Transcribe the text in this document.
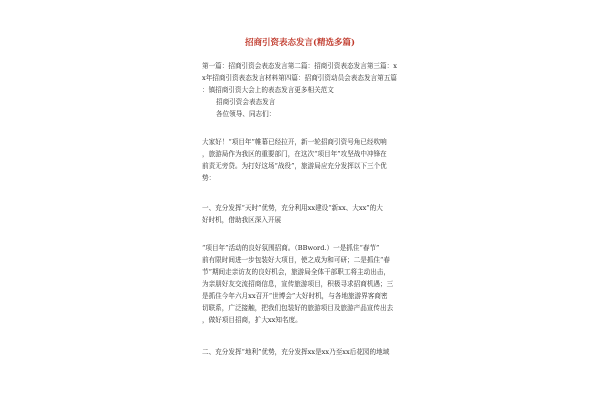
招商引资表态发言(精选多篇)
第一篇：招商引资会表态发言第二篇：招商引资表态发言第三篇：x
x年招商引资表态发言材料第四篇：招商引资动员会表态发言第五篇
：镇招商引资大会上的表态发言更多相关范文
招商引资会表态发言
各位领导、同志们：
大家好！“项目年”帷幕已经拉开，新一轮招商引资号角已经吹响
，旅游局作为我区的重要部门，在这次“项目年”攻坚战中冲锋在
前责无旁贷。为打好这场“战役”，旅游局应充分发挥以下三个优
势：
一、充分发挥“天时”优势，充分利用xx建设“新xx、大xx”的大
好时机，借助我区深入开展
“项目年”活动的良好氛围招商。（BBword.）一是抓住“春节”
前有限时间进一步包装好大项目，使之成为和可研；二是抓住“春
节”期间走亲访友的良好机会，旅游局全体干部职工将主动出击，
为亲朋好友交流招商信息，宣传旅游项目，积极寻求招商机遇；三
是抓住今年六月xx召开“世博会”大好时机，与各地旅游界客商密
切联系，广泛接触，把我们包装好的旅游项目及旅游产品宣传出去
，做好项目招商，扩大xx知名度。
二、充分发挥“地利”优势，充分发挥xx是xx乃至xx后花园的地域
